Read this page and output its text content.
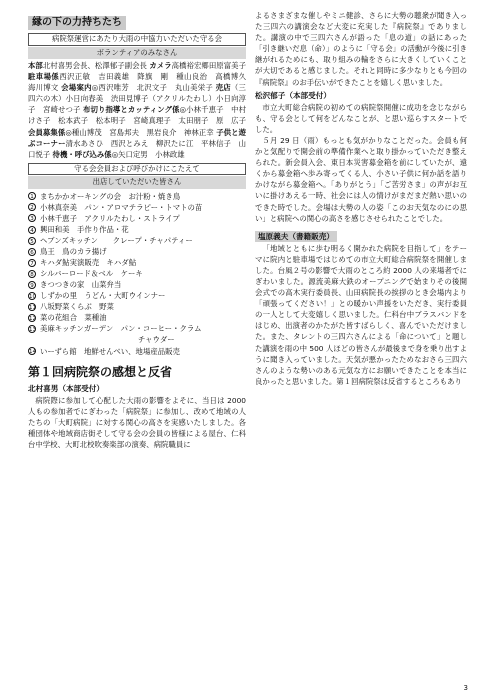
縁の下の力持ちたち
病院祭運営にあたり大雨の中協力いただいた守る会
ボランティアのみなさん

本部北村喜男会長、松澤郁子副会長 カメラ高橋裕宏郷田原富美子 駐車場係西沢正敏　吉田義雄　降旗　剛　種山良治　高橋博久　海川博文 会場案内◎西沢唯芳　北沢文子　丸山美栄子 売店（三四六の木）小日向春美　渋田見博子（アクリルたわし）小日向淳子　宮崎せつ子 布切り指導とカッティング係◎小林千恵子　中村けさ子　松本武子　松本明子　宮崎真理子　太田朋子　原　広子 会員募集係◎種山博茂　宮島邦夫　黒岩良介　神林正幸 子供と遊ぶコーナー清水あさひ　西沢とみえ　柳沢たに江　平林信子　山口悦子 待機・呼び込み係◎矢口定男　小林政雄

守る会会員および呼びかけにこたえて
出店していただいた皆さん
1 まちかかオーキングの会　お汁粉・焼き鳥
2 小林真奈美　パン・アロマテラピー・トマトの苗
3 小林千恵子　アクリルたわし・ストライプ
4 興田和美　手作り作品・花
5 ヘブンズキッチン　　クレープ・チャパティー
6 鳥王　鳥のカラ揚げ
7 キハダ鮎実演販売　キハダ鮎
8 シルバーロード＆ベル　ケーキ
9 きつつきの家　山菜弁当
10 しずかの里　うどん・大町ウインナー
11 八坂野菜くらぶ　野菜
12 菜の花組合　菜種油
13 美麻キッチンガーデン　パン・コーヒー・クラム
チャウダー
14 いーずら館　地鮮せんべい、地場産品販売
第１回病院祭の感想と反省
北村喜男（本部受付）

病院際に参加して心配した大雨の影響をよそに、当日は 2000 人もの参加者でにぎわった「病院祭」に参加し、改めて地域の人たちの「大町病院」に対する関心の高さを実感いたしました。各種団体や地域商店街そして守る会の会員の皆様による屋台、仁科台中学校、大町北校吹奏楽部の演奏、病院職員に

よるさまざまな催しやミニ健診、さらに大勢の聴衆が聞き入った三四六の講演会など大変に充実した『病院祭』でありました。講演の中で三四六さんが語った「息の道」の話にあった「引き継いだ息（命）」のように「守る会」の活動が今後に引き継がれるためにも、取り組みの輪をさらに大きくしていくことが大切であると感じました。それと同時に多少なりとも今回の『病院祭』のお手伝いができたことを嬉しく思いました。

松沢郁子（本部受付）

市立大町総合病院の初めての病院祭開催に成功を念じながらも、守る会として何をどんなことが、と思い巡らすスタートでした。

５月 29 日（雨）もっとも気がかりなことだった。会員も何かと気配りで開会前の準備作業へと取り掛かっていただき整えられた。新会員入会、東日本災害募金箱を前にしていたが、遠くから募金箱へ歩み寄ってくる人、小さい子供に何か話を語りかけながら募金箱へ。「ありがとう」「ご苦労さま」の声がお互いに掛けあえる一時、社会には人の情けがまだまだ熱い思いのできた時でした。会場は大勢の人の姿「このお天気なのにの思い」と病院への関心の高さを感じさせられたことでした。

塩原義夫（書籍販売）

「地域とともに歩む明るく開かれた病院を目指して」をテーマに院内と駐車場ではじめての市立大町総合病院祭を開催しました。台風２号の影響で大雨のところ約 2000 人の来場者でにぎわいました。源流美麻大鉄のオープニングで始まりその後開会式での高木実行委員長、山田病院長の挨拶のとき会場内より「頑張ってください！」との暖かい声援をいただき、実行委員の一人として大変嬉しく思いました。仁科台中ブラスバンドをはじめ、出演者のかたがた皆すばらしく、喜んでいただけました。また、タレントの三四六さんによる「命について」と題した講演を雨の中 500 人ほどの皆さんが最後まで身を乗り出すように聞き入っていました。天気が悪かったためなおさら三四六さんのような勢いのある元気な方にお願いできたことを本当に良かったと思いました。第１回病院祭は反省するところもあり

3
